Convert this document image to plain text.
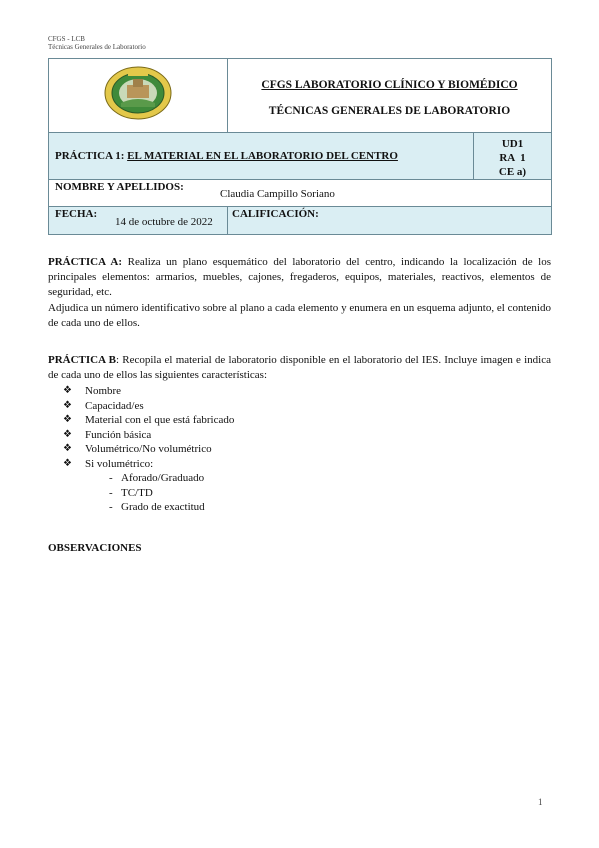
CFGS - LCB
Técnicas Generales de Laboratorio

CFGS LABORATORIO CLÍNICO Y BIOMÉDICO
TÉCNICAS GENERALES DE LABORATORIO	

PRÁCTICA 1: EL MATERIAL EN EL LABORATORIO DEL CENTRO		UD1
RA  1
CE a)

NOMBRE Y APELLIDOS:
Claudia Campillo Soriano		

FECHA:
14 de octubre de 2022	CALIFICACIÓN:	
PRÁCTICA A: Realiza un plano esquemático del laboratorio del centro, indicando la localización de los principales elementos: armarios, muebles, cajones, fregaderos, equipos, materiales, reactivos, elementos de seguridad, etc.
Adjudica un número identificativo sobre al plano a cada elemento y enumera en un esquema adjunto, el contenido de cada uno de ellos.
PRÁCTICA B: Recopila el material de laboratorio disponible en el laboratorio del IES. Incluye imagen e indica de cada uno de ellos las siguientes características:
❖ Nombre
❖ Capacidad/es
❖ Material con el que está fabricado
❖ Función básica
❖ Volumétrico/No volumétrico
❖ Si volumétrico:
- Aforado/Graduado
- TC/TD
- Grado de exactitud
OBSERVACIONES
1
